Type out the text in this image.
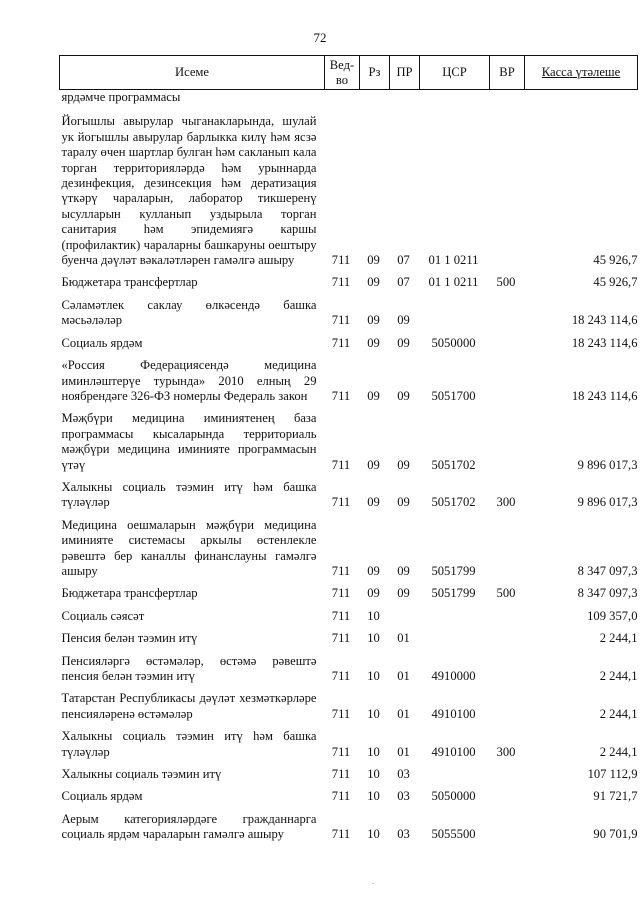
72
Исеме	Вед-во	Рз	ПР	ЦСР	ВР	Касса үтәлеше

ярдәмче программасы						
Йогышлы авырулар чыганакларында, шулай ук йогышлы авырулар барлыкка килү һәм ясзә таралу өчен шартлар булган һәм сакланып кала торган территорияләрдә һәм урыннарда дезинфекция, дезинсекция һәм дератизация үткәрү чараларын, лаборатор тикшеренү ысулларын кулланып уздырыла торган санитария һәм эпидемиягә каршы (профилактик) чараларны башкаруны оештыру буенча дәүләт вәкаләтләрен гамәлгә ашыру	711	09	07	01 1 0211		45 926,7
Бюджетара трансфертлар	711	09	07	01 1 0211	500	45 926,7
Сәламәтлек саклау өлкәсендә башка мәсьәләләр	711	09	09			18 243 114,6
Социаль ярдәм	711	09	09	5050000		18 243 114,6
«Россия Федерациясендә медицина иминләштерүе турында» 2010 елның 29 ноябрендәге 326-ФЗ номерлы Федераль закон	711	09	09	5051700		18 243 114,6
Мәҗбүри медицина иминиятенең база программасы кысаларында территориаль мәҗбүри медицина иминияте программасын үтәү	711	09	09	5051702		9 896 017,3
Халыкны социаль тәэмин итү һәм башка түләүләр	711	09	09	5051702	300	9 896 017,3
Медицина оешмаларын мәҗбүри медицина иминияте системасы аркылы өстенлекле рәвештә бер каналлы финанслауны гамәлгә ашыру	711	09	09	5051799		8 347 097,3
Бюджетара трансфертлар	711	09	09	5051799	500	8 347 097,3
Социаль сәясәт	711	10				109 357,0
Пенсия белән тәэмин итү	711	10	01			2 244,1
Пенсияләргә өстәмәләр, өстәмә рәвештә пенсия белән тәэмин итү	711	10	01	4910000		2 244,1
Татарстан Республикасы дәүләт хезмәткәрләре пенсияләренә өстәмәләр	711	10	01	4910100		2 244,1
Халыкны социаль тәэмин итү һәм башка түләүләр	711	10	01	4910100	300	2 244,1
Халыкны социаль тәэмин итү	711	10	03			107 112,9
Социаль ярдәм	711	10	03	5050000		91 721,7
Аерым категорияләрдәге гражданнарга социаль ярдәм чараларын гамәлгә ашыру	711	10	03	5055500		90 701,9
.
